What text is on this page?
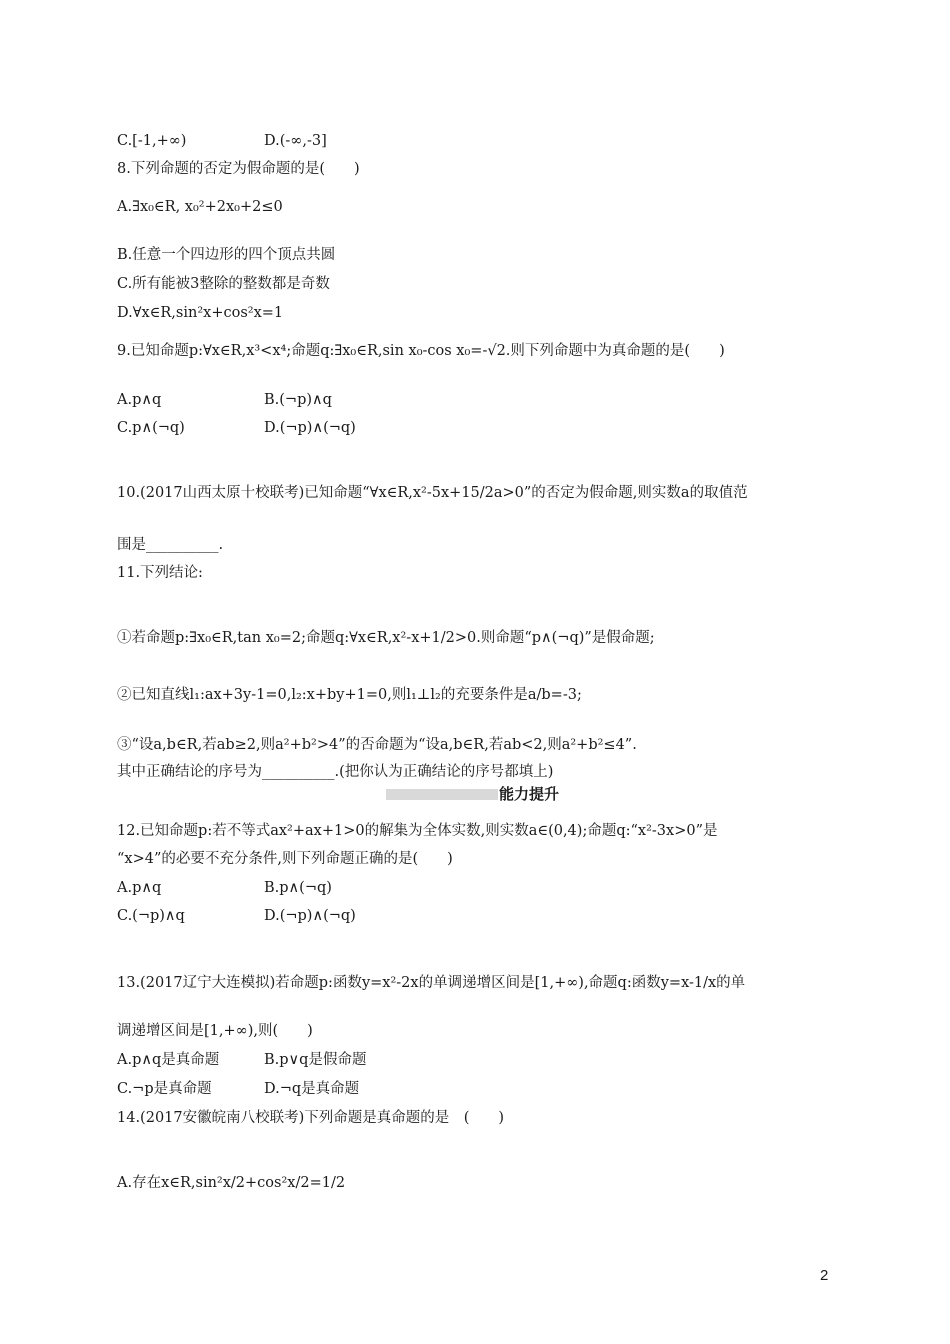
C.[-1,+∞)	D.(-∞,-3]
8.下列命题的否定为假命题的是(　　)
A.∃x₀∈R, x₀²+2x₀+2≤0
B.任意一个四边形的四个顶点共圆
C.所有能被3整除的整数都是奇数
D.∀x∈R,sin²x+cos²x=1
9.已知命题p:∀x∈R,x³<x⁴;命题q:∃x₀∈R,sin x₀-cos x₀=-√2.则下列命题中为真命题的是(　　)
A.p∧q	B.(¬p)∧q
C.p∧(¬q)	D.(¬p)∧(¬q)
10.(2017山西太原十校联考)已知命题“∀x∈R,x²-5x+15/2a>0”的否定为假命题,则实数a的取值范
围是__________.
11.下列结论:
①若命题p:∃x₀∈R,tan x₀=2;命题q:∀x∈R,x²-x+1/2>0.则命题“p∧(¬q)”是假命题;
②已知直线l₁:ax+3y-1=0,l₂:x+by+1=0,则l₁⊥l₂的充要条件是a/b=-3;
③“设a,b∈R,若ab≥2,则a²+b²>4”的否命题为“设a,b∈R,若ab<2,则a²+b²≤4”.
其中正确结论的序号为__________.(把你认为正确结论的序号都填上)
能力提升
12.已知命题p:若不等式ax²+ax+1>0的解集为全体实数,则实数a∈(0,4);命题q:“x²-3x>0”是
“x>4”的必要不充分条件,则下列命题正确的是(　　)
A.p∧q	B.p∧(¬q)
C.(¬p)∧q	D.(¬p)∧(¬q)
13.(2017辽宁大连模拟)若命题p:函数y=x²-2x的单调递增区间是[1,+∞),命题q:函数y=x-1/x的单
调递增区间是[1,+∞),则(　　)
A.p∧q是真命题	B.p∨q是假命题
C.¬p是真命题	D.¬q是真命题
14.(2017安徽皖南八校联考)下列命题是真命题的是　(　　)
A.存在x∈R,sin²x/2+cos²x/2=1/2
2
